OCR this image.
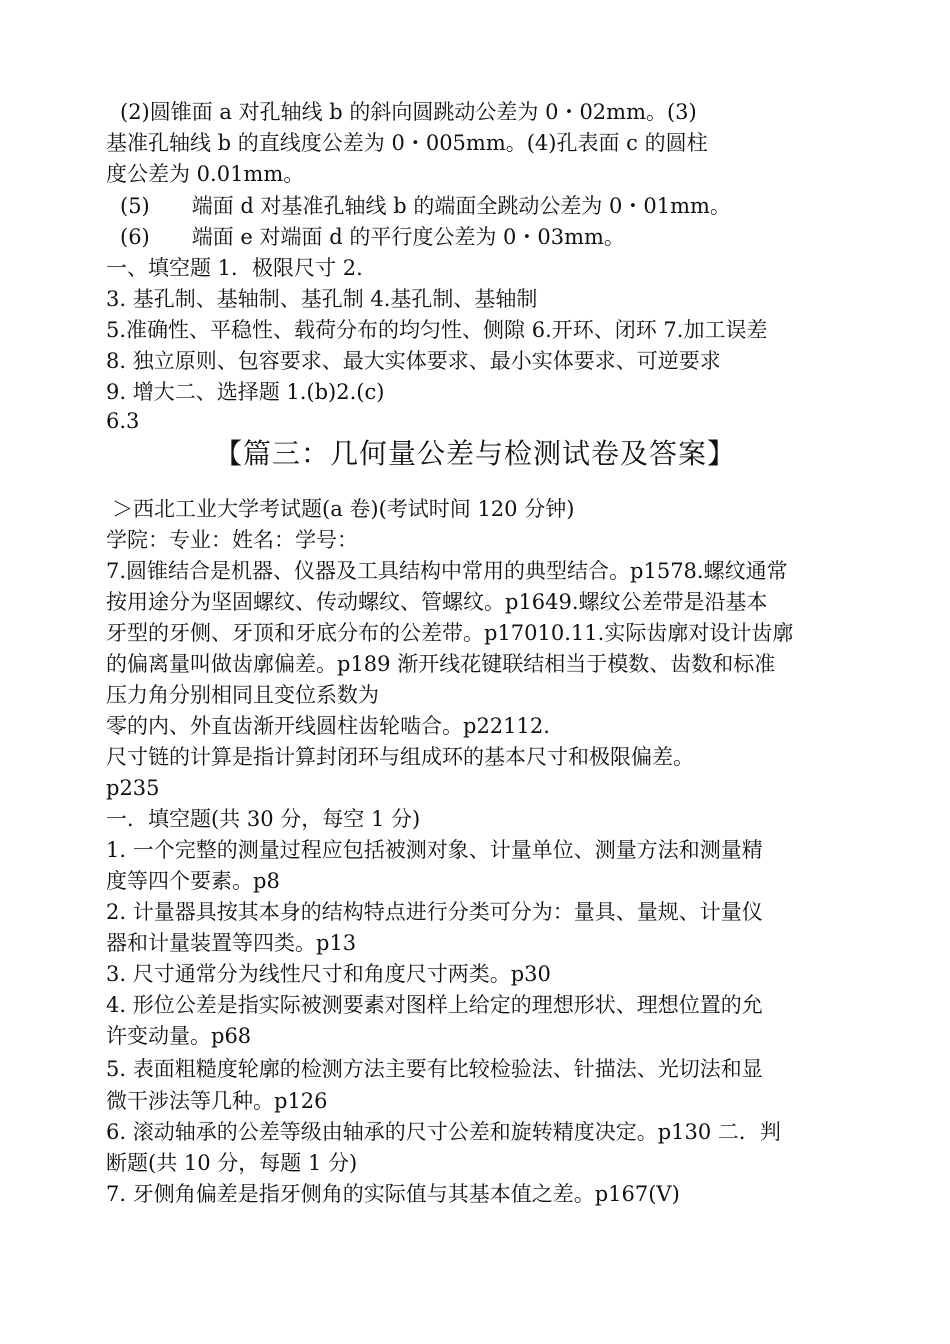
(2)圆锥面 a 对孔轴线 b 的斜向圆跳动公差为 0・02mm。(3)
基准孔轴线 b 的直线度公差为 0・005mm。(4)孔表面 c 的圆柱
度公差为 0.01mm。
(5)　　端面 d 对基准孔轴线 b 的端面全跳动公差为 0・01mm。
(6)　　端面 e 对端面 d 的平行度公差为 0・03mm。
一、填空题 1．极限尺寸 2.
3. 基孔制、基轴制、基孔制 4.基孔制、基轴制
5.准确性、平稳性、载荷分布的均匀性、侧隙 6.开环、闭环 7.加工误差
8. 独立原则、包容要求、最大实体要求、最小实体要求、可逆要求
9. 增大二、选择题 1.(b)2.(c)
6.3
【篇三：几何量公差与检测试卷及答案】
＞西北工业大学考试题(a 卷)(考试时间 120 分钟)
学院：专业：姓名：学号：
7.圆锥结合是机器、仪器及工具结构中常用的典型结合。p1578.螺纹通常
按用途分为坚固螺纹、传动螺纹、管螺纹。p1649.螺纹公差带是沿基本
牙型的牙侧、牙顶和牙底分布的公差带。p17010.11.实际齿廓对设计齿廓
的偏离量叫做齿廓偏差。p189 渐开线花键联结相当于模数、齿数和标准
压力角分别相同且变位系数为
零的内、外直齿渐开线圆柱齿轮啮合。p22112.
尺寸链的计算是指计算封闭环与组成环的基本尺寸和极限偏差。
p235
一．填空题(共 30 分，每空 1 分)
1. 一个完整的测量过程应包括被测对象、计量单位、测量方法和测量精
度等四个要素。p8
2. 计量器具按其本身的结构特点进行分类可分为：量具、量规、计量仪
器和计量装置等四类。p13
3. 尺寸通常分为线性尺寸和角度尺寸两类。p30
4. 形位公差是指实际被测要素对图样上给定的理想形状、理想位置的允
许变动量。p68
5. 表面粗糙度轮廓的检测方法主要有比较检验法、针描法、光切法和显
微干涉法等几种。p126
6. 滚动轴承的公差等级由轴承的尺寸公差和旋转精度决定。p130 二．判
断题(共 10 分，每题 1 分)
7. 牙侧角偏差是指牙侧角的实际值与其基本值之差。p167(V)
